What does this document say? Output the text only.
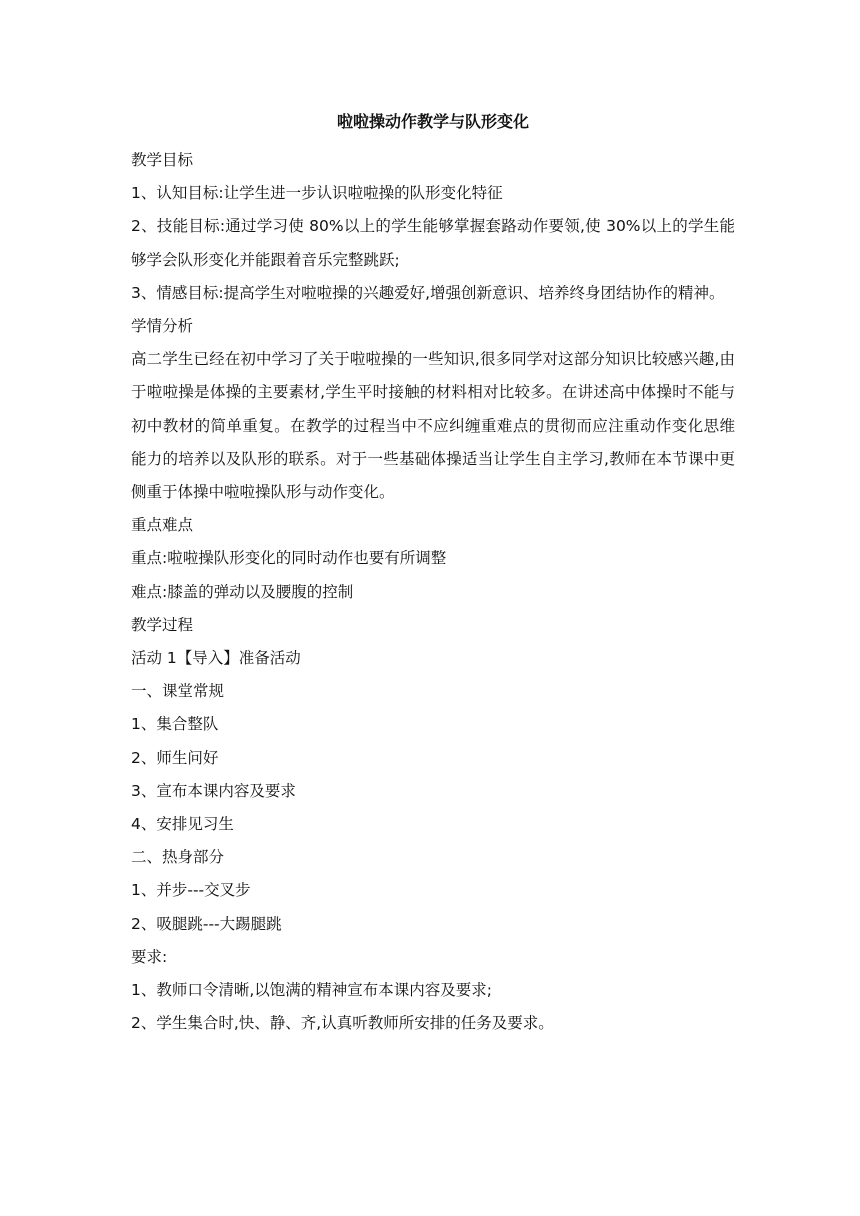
啦啦操动作教学与队形变化

教学目标

1、认知目标:让学生进一步认识啦啦操的队形变化特征

2、技能目标:通过学习使 80%以上的学生能够掌握套路动作要领,使 30%以上的学生能够学会队形变化并能跟着音乐完整跳跃;

3、情感目标:提高学生对啦啦操的兴趣爱好,增强创新意识、培养终身团结协作的精神。

学情分析

高二学生已经在初中学习了关于啦啦操的一些知识,很多同学对这部分知识比较感兴趣,由于啦啦操是体操的主要素材,学生平时接触的材料相对比较多。在讲述高中体操时不能与初中教材的简单重复。在教学的过程当中不应纠缠重难点的贯彻而应注重动作变化思维能力的培养以及队形的联系。对于一些基础体操适当让学生自主学习,教师在本节课中更侧重于体操中啦啦操队形与动作变化。

重点难点

重点:啦啦操队形变化的同时动作也要有所调整

难点:膝盖的弹动以及腰腹的控制

教学过程

活动 1【导入】准备活动

一、课堂常规

1、集合整队

2、师生问好

3、宣布本课内容及要求

4、安排见习生

二、热身部分

1、并步---交叉步

2、吸腿跳---大踢腿跳

要求:

1、教师口令清晰,以饱满的精神宣布本课内容及要求;

2、学生集合时,快、静、齐,认真听教师所安排的任务及要求。
